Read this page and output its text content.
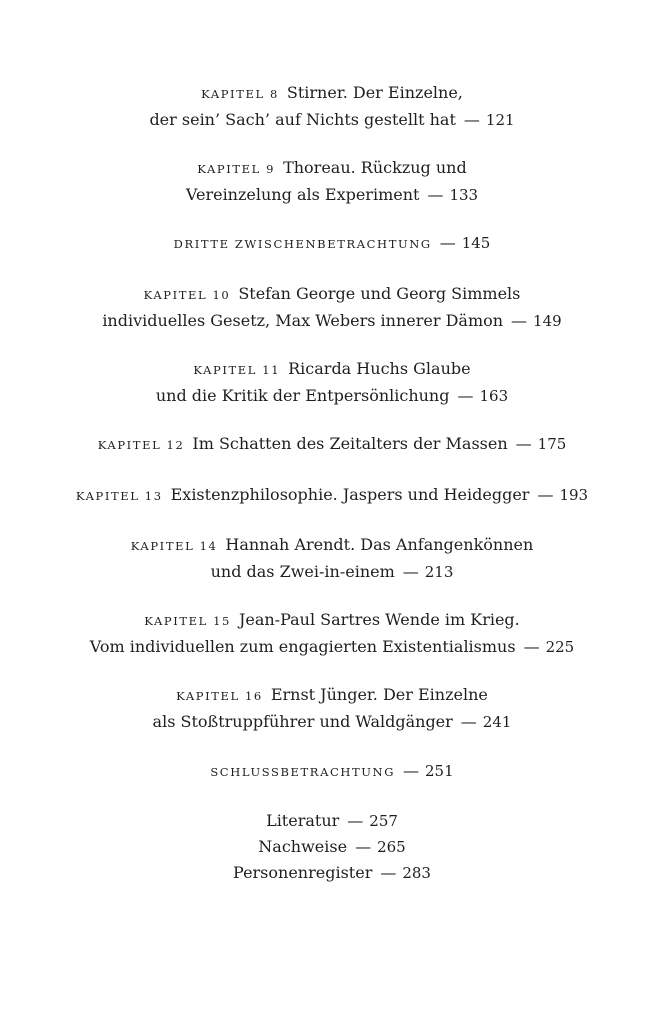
KAPITEL 8 Stirner. Der Einzelne,
der sein’ Sach’ auf Nichts gestellt hat — 121
KAPITEL 9 Thoreau. Rückzug und
Vereinzelung als Experiment — 133
DRITTE ZWISCHENBETRACHTUNG — 145
KAPITEL 10 Stefan George und Georg Simmels
individuelles Gesetz, Max Webers innerer Dämon — 149
KAPITEL 11 Ricarda Huchs Glaube
und die Kritik der Entpersönlichung — 163
KAPITEL 12 Im Schatten des Zeitalters der Massen — 175
KAPITEL 13 Existenzphilosophie. Jaspers und Heidegger — 193
KAPITEL 14 Hannah Arendt. Das Anfangenkönnen
und das Zwei-in-einem — 213
KAPITEL 15 Jean-Paul Sartres Wende im Krieg.
Vom individuellen zum engagierten Existentialismus — 225
KAPITEL 16 Ernst Jünger. Der Einzelne
als Stoßtruppführer und Waldgänger — 241
SCHLUSSBETRACHTUNG — 251
Literatur — 257
Nachweise — 265
Personenregister — 283
